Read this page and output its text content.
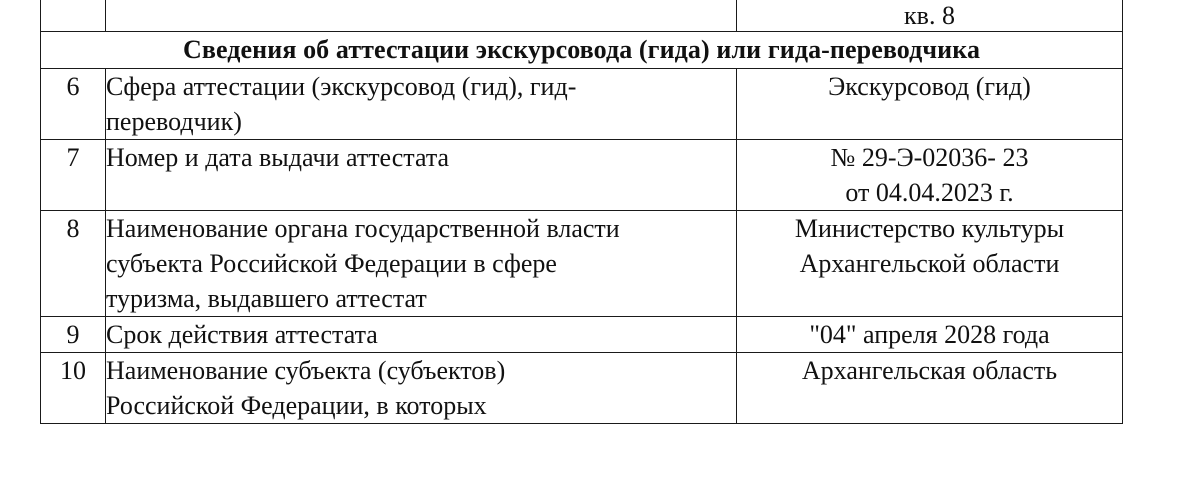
		кв. 8

Сведения об аттестации экскурсовода (гида) или гида-переводчика		
6	Сфера аттестации (экскурсовод (гид), гид-
переводчик)	Экскурсовод (гид)

7	Номер и дата выдачи аттестата	№ 29-Э-02036- 23
от 04.04.2023 г.

8	Наименование органа государственной власти
субъекта Российской Федерации в сфере
туризма, выдавшего аттестат	Министерство культуры
Архангельской области

9	Срок действия аттестата	"04" апреля 2028 года

10	Наименование субъекта (субъектов)
Российской Федерации, в которых	Архангельская область
